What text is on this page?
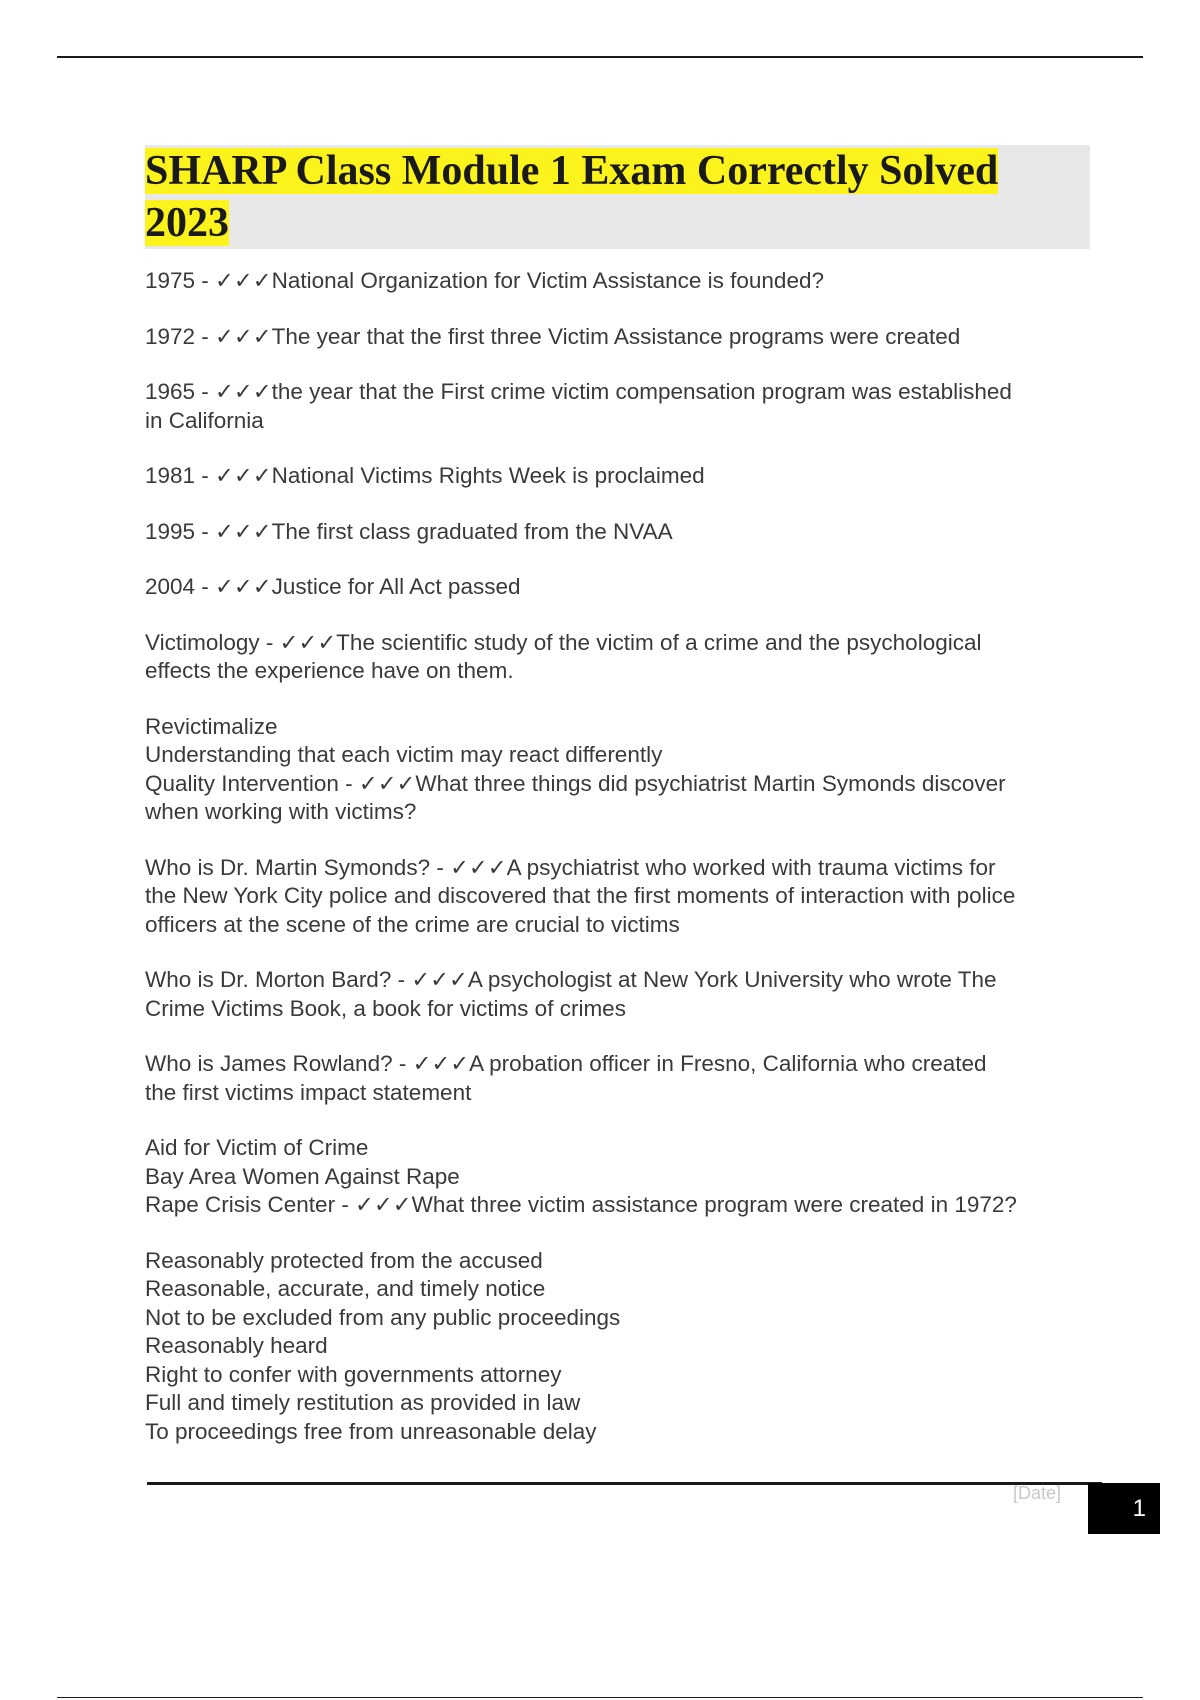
SHARP Class Module 1 Exam Correctly Solved
2023

1975 - ✓✓✓National Organization for Victim Assistance is founded?

1972 - ✓✓✓The year that the first three Victim Assistance programs were created

1965 - ✓✓✓the year that the First crime victim compensation program was established
in California

1981 - ✓✓✓National Victims Rights Week is proclaimed

1995 - ✓✓✓The first class graduated from the NVAA

2004 - ✓✓✓Justice for All Act passed

Victimology - ✓✓✓The scientific study of the victim of a crime and the psychological
effects the experience have on them.

Revictimalize
Understanding that each victim may react differently
Quality Intervention - ✓✓✓What three things did psychiatrist Martin Symonds discover
when working with victims?

Who is Dr. Martin Symonds? - ✓✓✓A psychiatrist who worked with trauma victims for
the New York City police and discovered that the first moments of interaction with police
officers at the scene of the crime are crucial to victims

Who is Dr. Morton Bard? - ✓✓✓A psychologist at New York University who wrote The
Crime Victims Book, a book for victims of crimes

Who is James Rowland? - ✓✓✓A probation officer in Fresno, California who created
the first victims impact statement

Aid for Victim of Crime
Bay Area Women Against Rape
Rape Crisis Center - ✓✓✓What three victim assistance program were created in 1972?

Reasonably protected from the accused
Reasonable, accurate, and timely notice
Not to be excluded from any public proceedings
Reasonably heard
Right to confer with governments attorney
Full and timely restitution as provided in law
To proceedings free from unreasonable delay

[Date]
1
